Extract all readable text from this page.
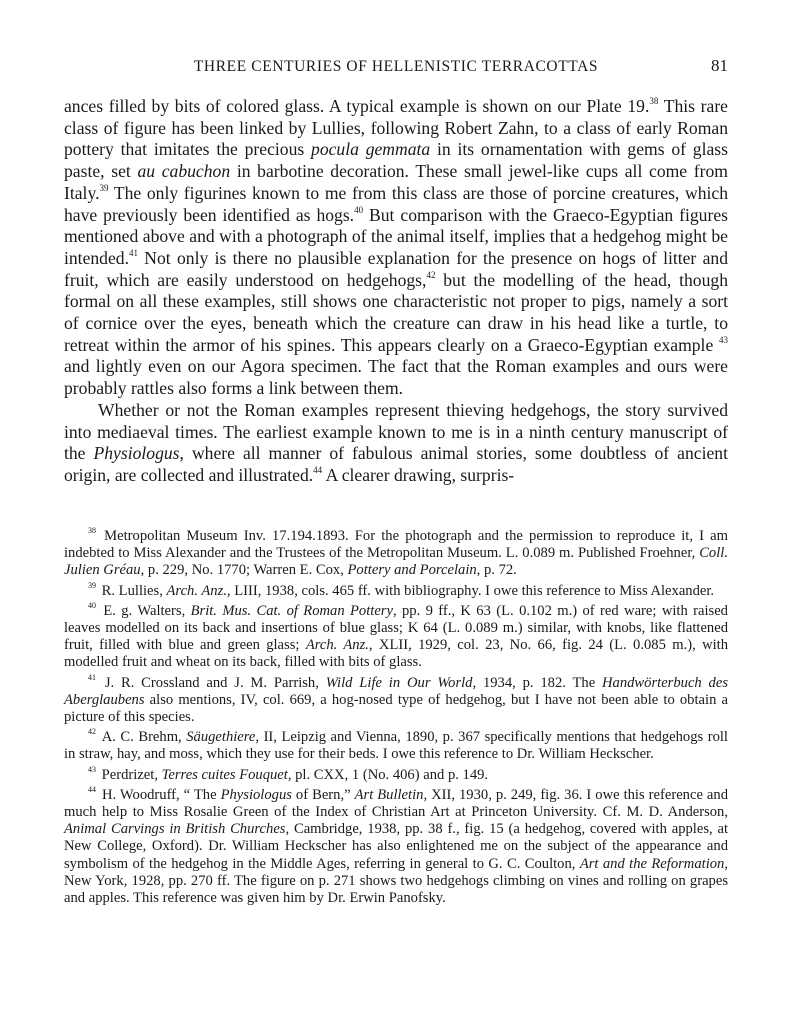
THREE CENTURIES OF HELLENISTIC TERRACOTTAS	81

ances filled by bits of colored glass. A typical example is shown on our Plate 19.38 This rare class of figure has been linked by Lullies, following Robert Zahn, to a class of early Roman pottery that imitates the precious pocula gemmata in its ornamentation with gems of glass paste, set au cabuchon in barbotine decoration. These small jewel-like cups all come from Italy.$^{39}$ The only figurines known to me from this class are those of porcine creatures, which have previously been identified as hogs.$^{40}$ But comparison with the Graeco-Egyptian figures mentioned above and with a photograph of the animal itself, implies that a hedgehog might be intended.$^{41}$ Not only is there no plausible explanation for the presence on hogs of litter and fruit, which are easily understood on hedgehogs,$^{42}$ but the modelling of the head, though formal on all these examples, still shows one characteristic not proper to pigs, namely a sort of cornice over the eyes, beneath which the creature can draw in his head like a turtle, to retreat within the armor of his spines. This appears clearly on a Graeco-Egyptian example $^{43}$ and lightly even on our Agora specimen. The fact that the Roman examples and ours were probably rattles also forms a link between them.

Whether or not the Roman examples represent thieving hedgehogs, the story survived into mediaeval times. The earliest example known to me is in a ninth century manuscript of the Physiologus, where all manner of fabulous animal stories, some doubtless of ancient origin, are collected and illustrated.$^{44}$ A clearer drawing, surpris-

$^{38}$ Metropolitan Museum Inv. 17.194.1893. For the photograph and the permission to reproduce it, I am indebted to Miss Alexander and the Trustees of the Metropolitan Museum. L. 0.089 m. Published Froehner, Coll. Julien Gréau, p. 229, No. 1770; Warren E. Cox, Pottery and Porcelain, p. 72.

$^{39}$ R. Lullies, Arch. Anz., LIII, 1938, cols. 465 ff. with bibliography. I owe this reference to Miss Alexander.

$^{40}$ E. g. Walters, Brit. Mus. Cat. of Roman Pottery, pp. 9 ff., K 63 (L. 0.102 m.) of red ware; with raised leaves modelled on its back and insertions of blue glass; K 64 (L. 0.089 m.) similar, with knobs, like flattened fruit, filled with blue and green glass; Arch. Anz., XLII, 1929, col. 23, No. 66, fig. 24 (L. 0.085 m.), with modelled fruit and wheat on its back, filled with bits of glass.

$^{41}$ J. R. Crossland and J. M. Parrish, Wild Life in Our World, 1934, p. 182. The Handwörterbuch des Aberglaubens also mentions, IV, col. 669, a hog-nosed type of hedgehog, but I have not been able to obtain a picture of this species.

$^{42}$ A. C. Brehm, Säugethiere, II, Leipzig and Vienna, 1890, p. 367 specifically mentions that hedgehogs roll in straw, hay, and moss, which they use for their beds. I owe this reference to Dr. William Heckscher.

$^{43}$ Perdrizet, Terres cuites Fouquet, pl. CXX, 1 (No. 406) and p. 149.

$^{44}$ H. Woodruff, “ The Physiologus of Bern,” Art Bulletin, XII, 1930, p. 249, fig. 36. I owe this reference and much help to Miss Rosalie Green of the Index of Christian Art at Princeton University. Cf. M. D. Anderson, Animal Carvings in British Churches, Cambridge, 1938, pp. 38 f., fig. 15 (a hedgehog, covered with apples, at New College, Oxford). Dr. William Heckscher has also enlightened me on the subject of the appearance and symbolism of the hedgehog in the Middle Ages, referring in general to G. C. Coulton, Art and the Reformation, New York, 1928, pp. 270 ff. The figure on p. 271 shows two hedgehogs climbing on vines and rolling on grapes and apples. This reference was given him by Dr. Erwin Panofsky.
